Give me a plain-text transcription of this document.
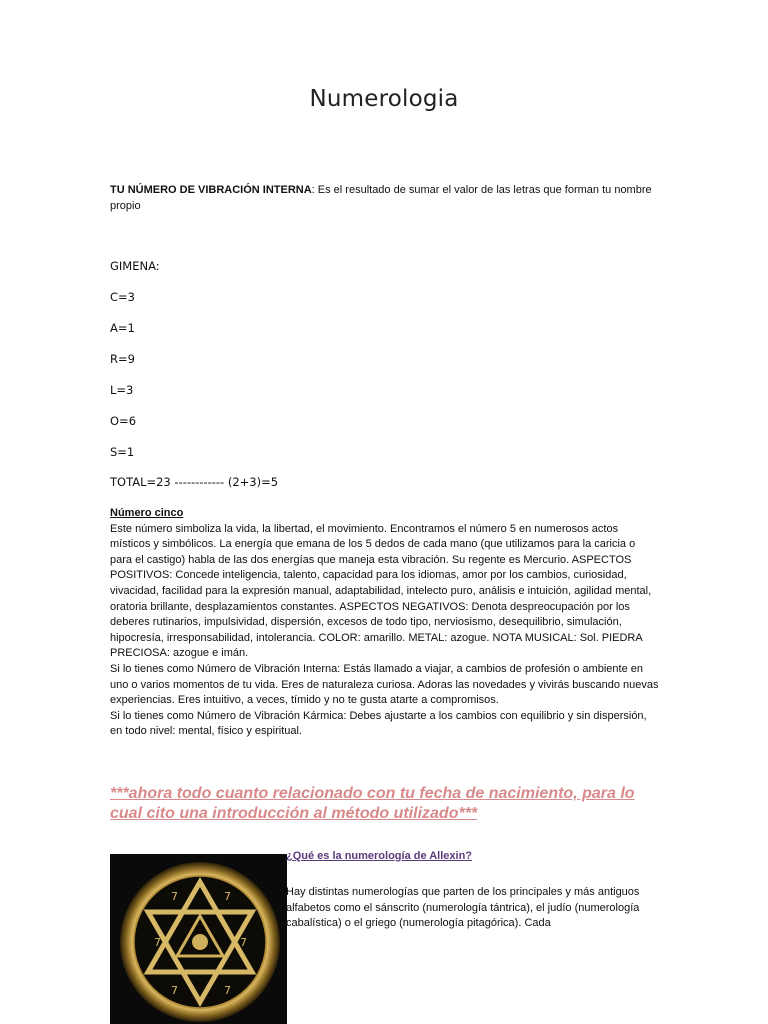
Numerologia
TU NÚMERO DE VIBRACIÓN INTERNA: Es el resultado de sumar el valor de las letras que forman tu nombre propio
GIMENA:
C=3
A=1
R=9
L=3
O=6
S=1
TOTAL=23 ------------ (2+3)=5
Número cinco

Este número simboliza la vida, la libertad, el movimiento. Encontramos el número 5 en numerosos actos místicos y simbólicos. La energía que emana de los 5 dedos de cada mano (que utilizamos para la caricia o para el castigo) habla de las dos energías que maneja esta vibración. Su regente es Mercurio. ASPECTOS POSITIVOS: Concede inteligencia, talento, capacidad para los idiomas, amor por los cambios, curiosidad, vivacidad, facilidad para la expresión manual, adaptabilidad, intelecto puro, análisis e intuición, agilidad mental, oratoria brillante, desplazamientos constantes. ASPECTOS NEGATIVOS: Denota despreocupación por los deberes rutinarios, impulsividad, dispersión, excesos de todo tipo, nerviosismo, desequilibrio, simulación, hipocresía, irresponsabilidad, intolerancia. COLOR: amarillo. METAL: azogue. NOTA MUSICAL: Sol. PIEDRA PRECIOSA: azogue e imán.

Si lo tienes como Número de Vibración Interna: Estás llamado a viajar, a cambios de profesión o ambiente en uno o varios momentos de tu vida. Eres de naturaleza curiosa. Adoras las novedades y vivirás buscando nuevas experiencias. Eres intuitivo, a veces, tímido y no te gusta atarte a compromisos.

Si lo tienes como Número de Vibración Kármica: Debes ajustarte a los cambios con equilibrio y sin dispersión, en todo nivel: mental, físico y espiritual.

***ahora todo cuanto relacionado con tu fecha de nacimiento, para lo cual cito una introducción al método utilizado***
7	7
7	7
7	7
¿Qué es la numerología de Allexin?
Hay distintas numerologías que parten de los principales y más antiguos alfabetos como el sánscrito (numerología tántrica), el judío (numerología cabalística) o el griego (numerología pitagórica). Cada
